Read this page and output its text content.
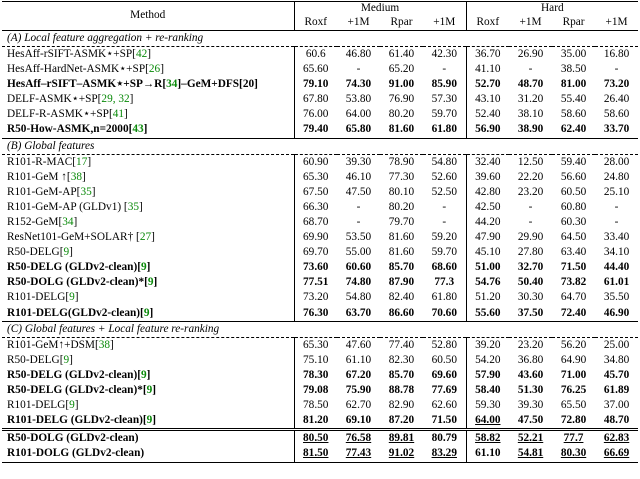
Method	Medium				Hard			
	Roxf	+1M	Rpar	+1M	Roxf	+1M	Rpar	+1M
(A) Local feature aggregation + re-ranking								
HesAff-rSIFT-ASMK⋆+SP[42]	60.6	46.80	61.40	42.30	36.70	26.90	35.00	16.80
HesAff-HardNet-ASMK⋆+SP[26]	65.60	-	65.20	-	41.10	-	38.50	-
HesAff–rSIFT–ASMK⋆+SP→R[34]–GeM+DFS[20]	79.10	74.30	91.00	85.90	52.70	48.70	81.00	73.20
DELF-ASMK⋆+SP[29, 32]	67.80	53.80	76.90	57.30	43.10	31.20	55.40	26.40
DELF-R-ASMK⋆+SP[41]	76.00	64.00	80.20	59.70	52.40	38.10	58.60	58.60
R50-How-ASMK,n=2000[43]	79.40	65.80	81.60	61.80	56.90	38.90	62.40	33.70
(B) Global features								
R101-R-MAC[17]	60.90	39.30	78.90	54.80	32.40	12.50	59.40	28.00
R101-GeM ↑[38]	65.30	46.10	77.30	52.60	39.60	22.20	56.60	24.80
R101-GeM-AP[35]	67.50	47.50	80.10	52.50	42.80	23.20	60.50	25.10
R101-GeM-AP (GLDv1) [35]	66.30	-	80.20	-	42.50	-	60.80	-
R152-GeM[34]	68.70	-	79.70	-	44.20	-	60.30	-
ResNet101-GeM+SOLAR† [27]	69.90	53.50	81.60	59.20	47.90	29.90	64.50	33.40
R50-DELG[9]	69.70	55.00	81.60	59.70	45.10	27.80	63.40	34.10
R50-DELG (GLDv2-clean)[9]	73.60	60.60	85.70	68.60	51.00	32.70	71.50	44.40
R50-DOLG (GLDv2-clean)*[9]	77.51	74.80	87.90	77.3	54.76	50.40	73.82	61.01
R101-DELG[9]	73.20	54.80	82.40	61.80	51.20	30.30	64.70	35.50
R101-DELG(GLDv2-clean)[9]	76.30	63.70	86.60	70.60	55.60	37.50	72.40	46.90
(C) Global features + Local feature re-ranking								
R101-GeM↑+DSM[38]	65.30	47.60	77.40	52.80	39.20	23.20	56.20	25.00
R50-DELG[9]	75.10	61.10	82.30	60.50	54.20	36.80	64.90	34.80
R50-DELG (GLDv2-clean)[9]	78.30	67.20	85.70	69.60	57.90	43.60	71.00	45.70
R50-DELG (GLDv2-clean)*[9]	79.08	75.90	88.78	77.69	58.40	51.30	76.25	61.89
R101-DELG[9]	78.50	62.70	82.90	62.60	59.30	39.30	65.50	37.00
R101-DELG (GLDv2-clean)[9]	81.20	69.10	87.20	71.50	64.00	47.50	72.80	48.70
R50-DOLG (GLDv2-clean)	80.50	76.58	89.81	80.79	58.82	52.21	77.7	62.83
R101-DOLG (GLDv2-clean)	81.50	77.43	91.02	83.29	61.10	54.81	80.30	66.69
